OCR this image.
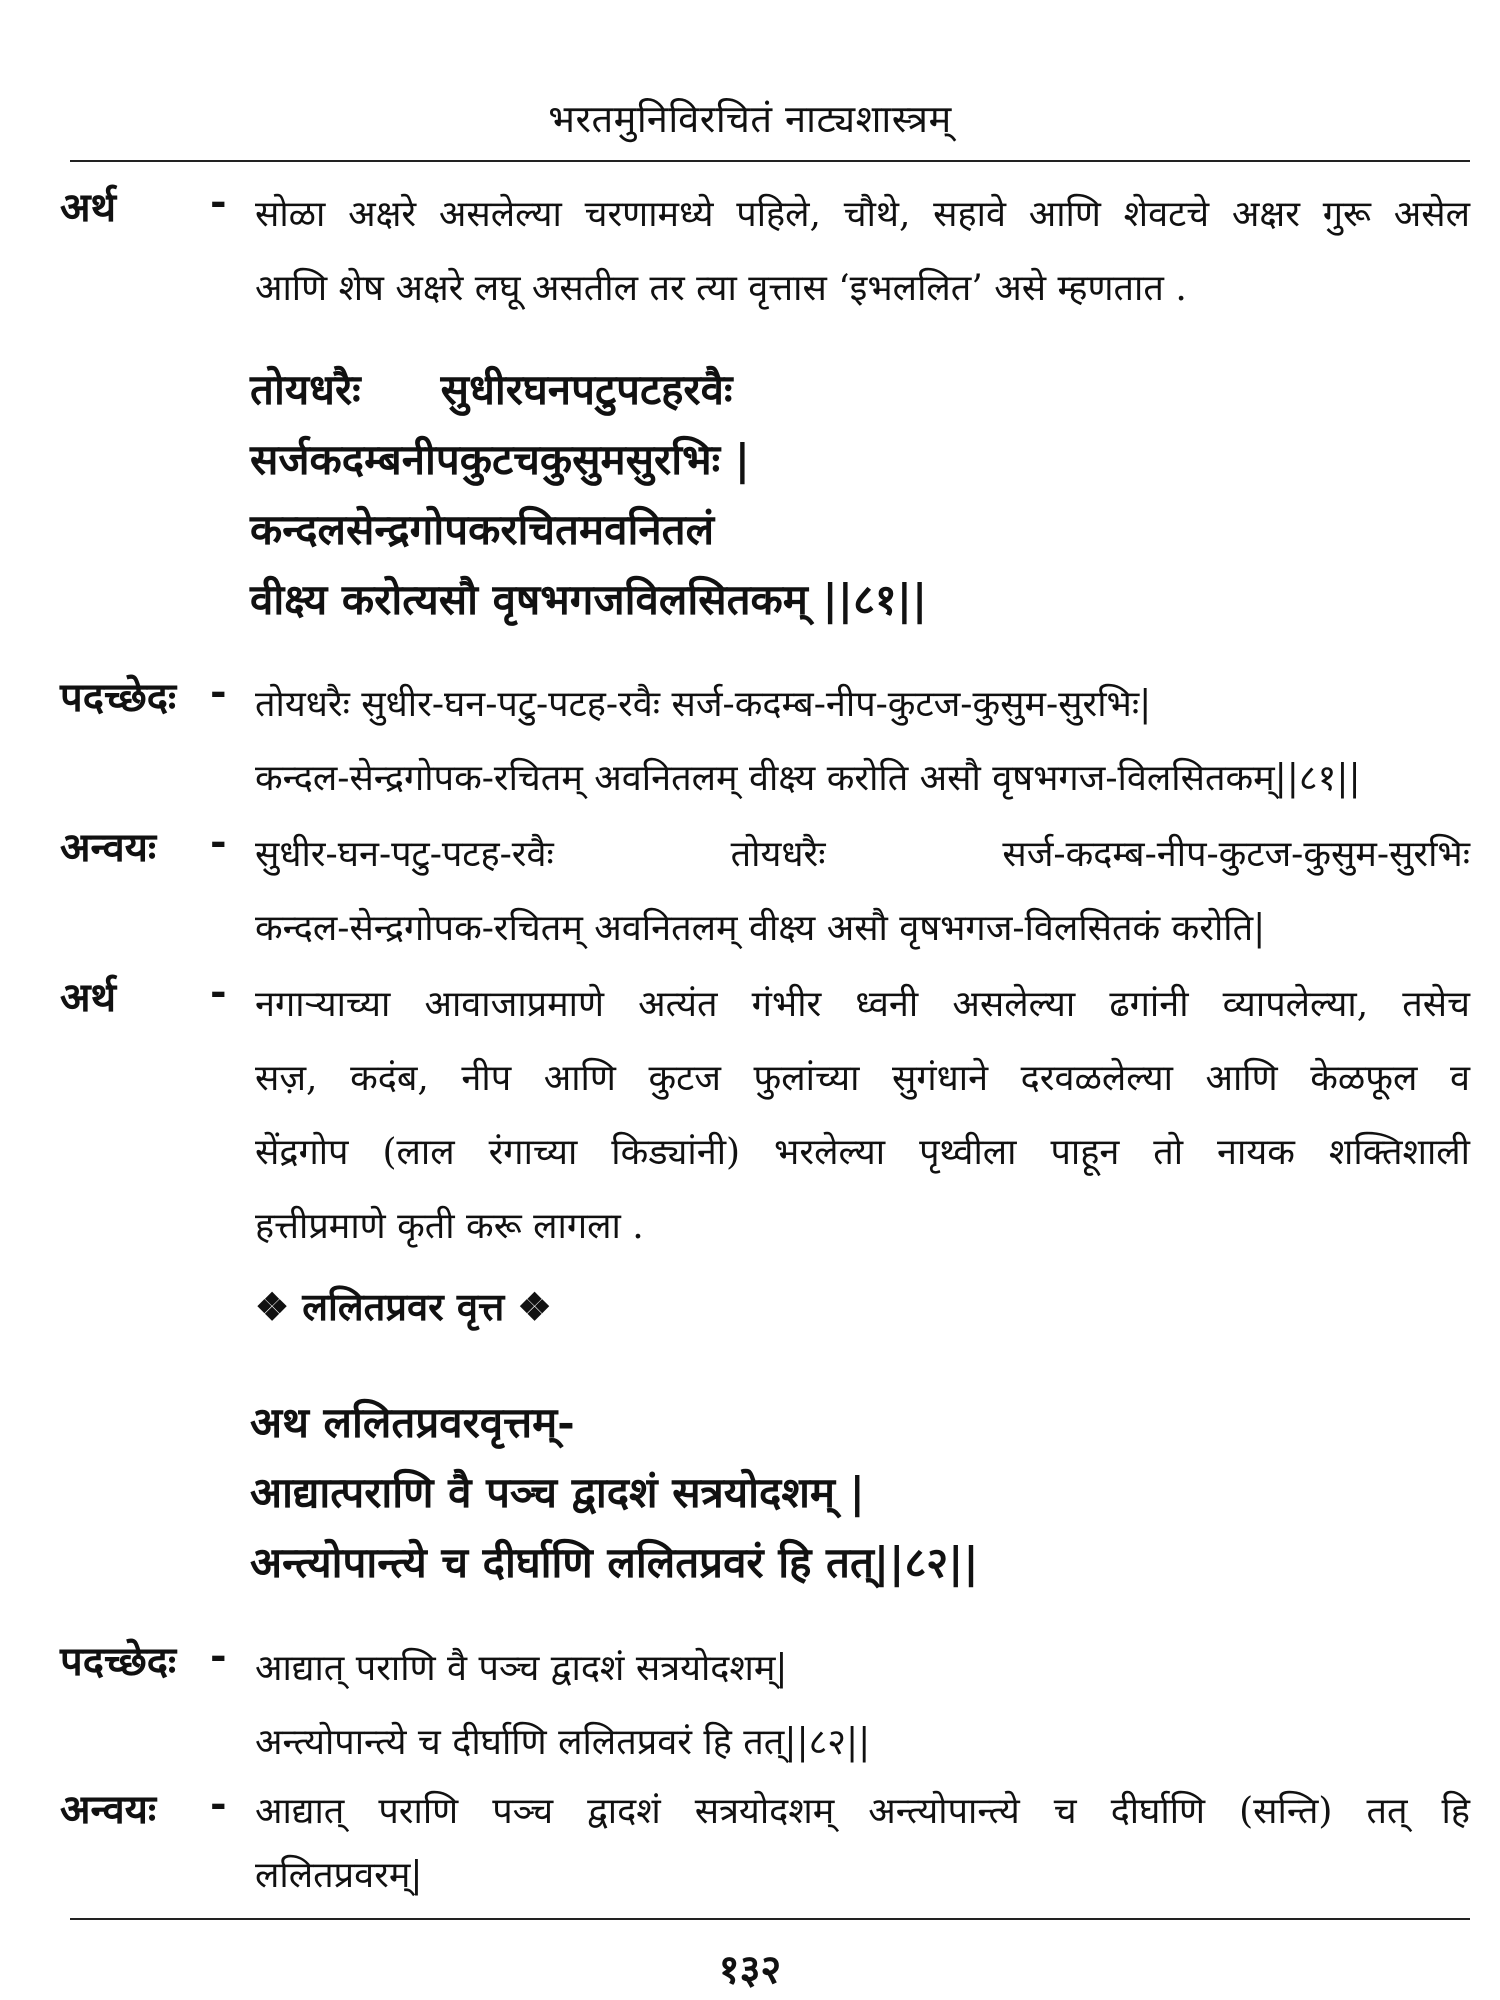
भरतमुनिविरचितं नाट्यशास्त्रम्
अर्थ - सोळा अक्षरे असलेल्या चरणामध्ये पहिले, चौथे, सहावे आणि शेवटचे अक्षर गुरू असेल
आणि शेष अक्षरे लघू असतील तर त्या वृत्तास ‘इभललित’ असे म्हणतात .
तोयधरैः सुधीरघनपटुपटहरवैः
सर्जकदम्बनीपकुटचकुसुमसुरभिः |
कन्दलसेन्द्रगोपकरचितमवनितलं
वीक्ष्य करोत्यसौ वृषभगजविलसितकम् ||८१||
पदच्छेदः - तोयधरैः सुधीर-घन-पटु-पटह-रवैः सर्ज-कदम्ब-नीप-कुटज-कुसुम-सुरभिः|
कन्दल-सेन्द्रगोपक-रचितम् अवनितलम् वीक्ष्य करोति असौ वृषभगज-विलसितकम्||८१||
अन्वयः - सुधीर-घन-पटु-पटह-रवैः तोयधरैः सर्ज-कदम्ब-नीप-कुटज-कुसुम-सुरभिः
कन्दल-सेन्द्रगोपक-रचितम् अवनितलम् वीक्ष्य असौ वृषभगज-विलसितकं करोति|
अर्थ - नगाऱ्याच्या आवाजाप्रमाणे अत्यंत गंभीर ध्वनी असलेल्या ढगांनी व्यापलेल्या, तसेच
सज़, कदंब, नीप आणि कुटज फुलांच्या सुगंधाने दरवळलेल्या आणि केळफूल व
सेंद्रगोप (लाल रंगाच्या किड्यांनी) भरलेल्या पृथ्वीला पाहून तो नायक शक्तिशाली
हत्तीप्रमाणे कृती करू लागला .
❖ ललितप्रवर वृत्त ❖
अथ ललितप्रवरवृत्तम्-
आद्यात्पराणि वै पञ्च द्वादशं सत्रयोदशम् |
अन्त्योपान्त्ये च दीर्घाणि ललितप्रवरं हि तत्||८२||
पदच्छेदः - आद्यात् पराणि वै पञ्च द्वादशं सत्रयोदशम्|
अन्त्योपान्त्ये च दीर्घाणि ललितप्रवरं हि तत्||८२||
अन्वयः - आद्यात् पराणि पञ्च द्वादशं सत्रयोदशम् अन्त्योपान्त्ये च दीर्घाणि (सन्ति) तत् हि
ललितप्रवरम्|
१३२
